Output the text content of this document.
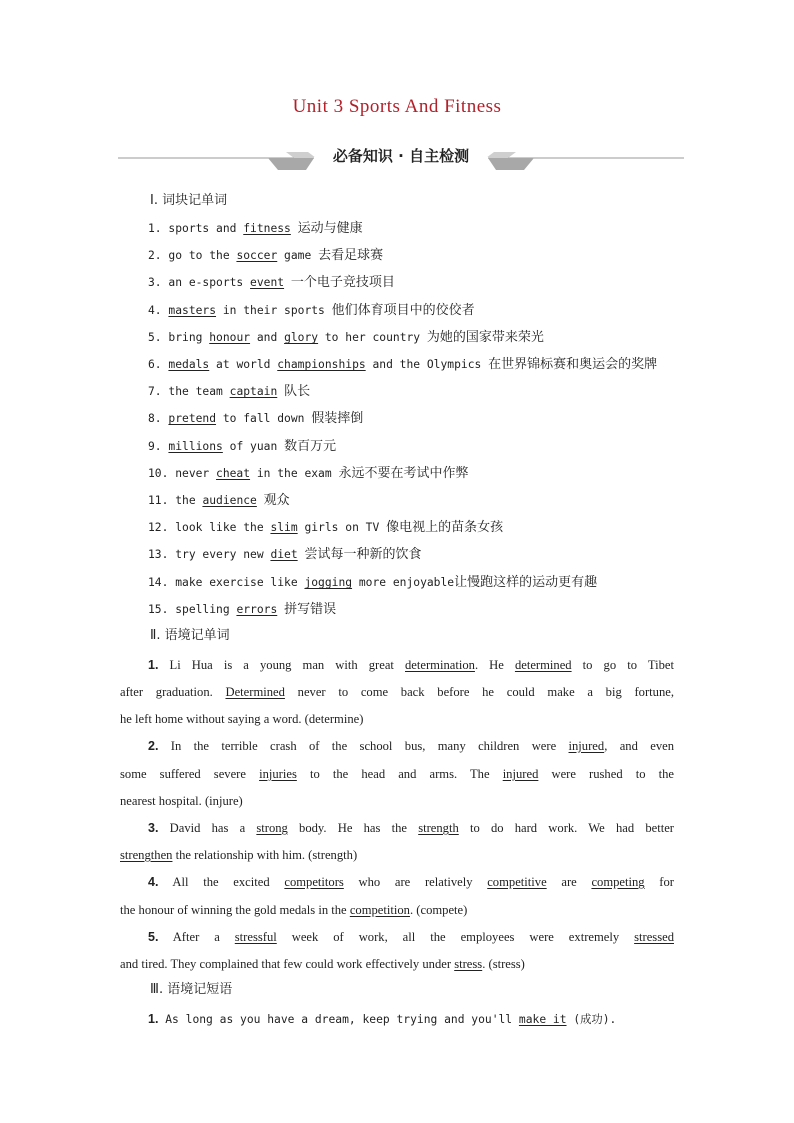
Unit 3 Sports And Fitness
必备知识 · 自主检测
Ⅰ. 词块记单词
1. sports and fitness 运动与健康
2. go to the soccer game 去看足球赛
3. an e-sports event 一个电子竞技项目
4. masters in their sports 他们体育项目中的佼佼者
5. bring honour and glory to her country 为她的国家带来荣光
6. medals at world championships and the Olympics 在世界锦标赛和奥运会的奖牌
7. the team captain 队长
8. pretend to fall down 假装摔倒
9. millions of yuan 数百万元
10. never cheat in the exam 永远不要在考试中作弊
11. the audience 观众
12. look like the slim girls on TV 像电视上的苗条女孩
13. try every new diet 尝试每一种新的饮食
14. make exercise like jogging more enjoyable让慢跑这样的运动更有趣
15. spelling errors 拼写错误
Ⅱ. 语境记单词
1. Li Hua is a young man with great determination. He determined to go to Tibet
after graduation. Determined never to come back before he could make a big fortune,
he left home without saying a word. (determine)
2. In the terrible crash of the school bus, many children were injured, and even
some suffered severe injuries to the head and arms. The injured were rushed to the
nearest hospital. (injure)
3. David has a strong body. He has the strength to do hard work. We had better
strengthen the relationship with him. (strength)
4. All the excited competitors who are relatively competitive are competing for
the honour of winning the gold medals in the competition. (compete)
5. After a stressful week of work, all the employees were extremely stressed
and tired. They complained that few could work effectively under stress. (stress)
Ⅲ. 语境记短语
1. As long as you have a dream, keep trying and you'll make it (成功).
